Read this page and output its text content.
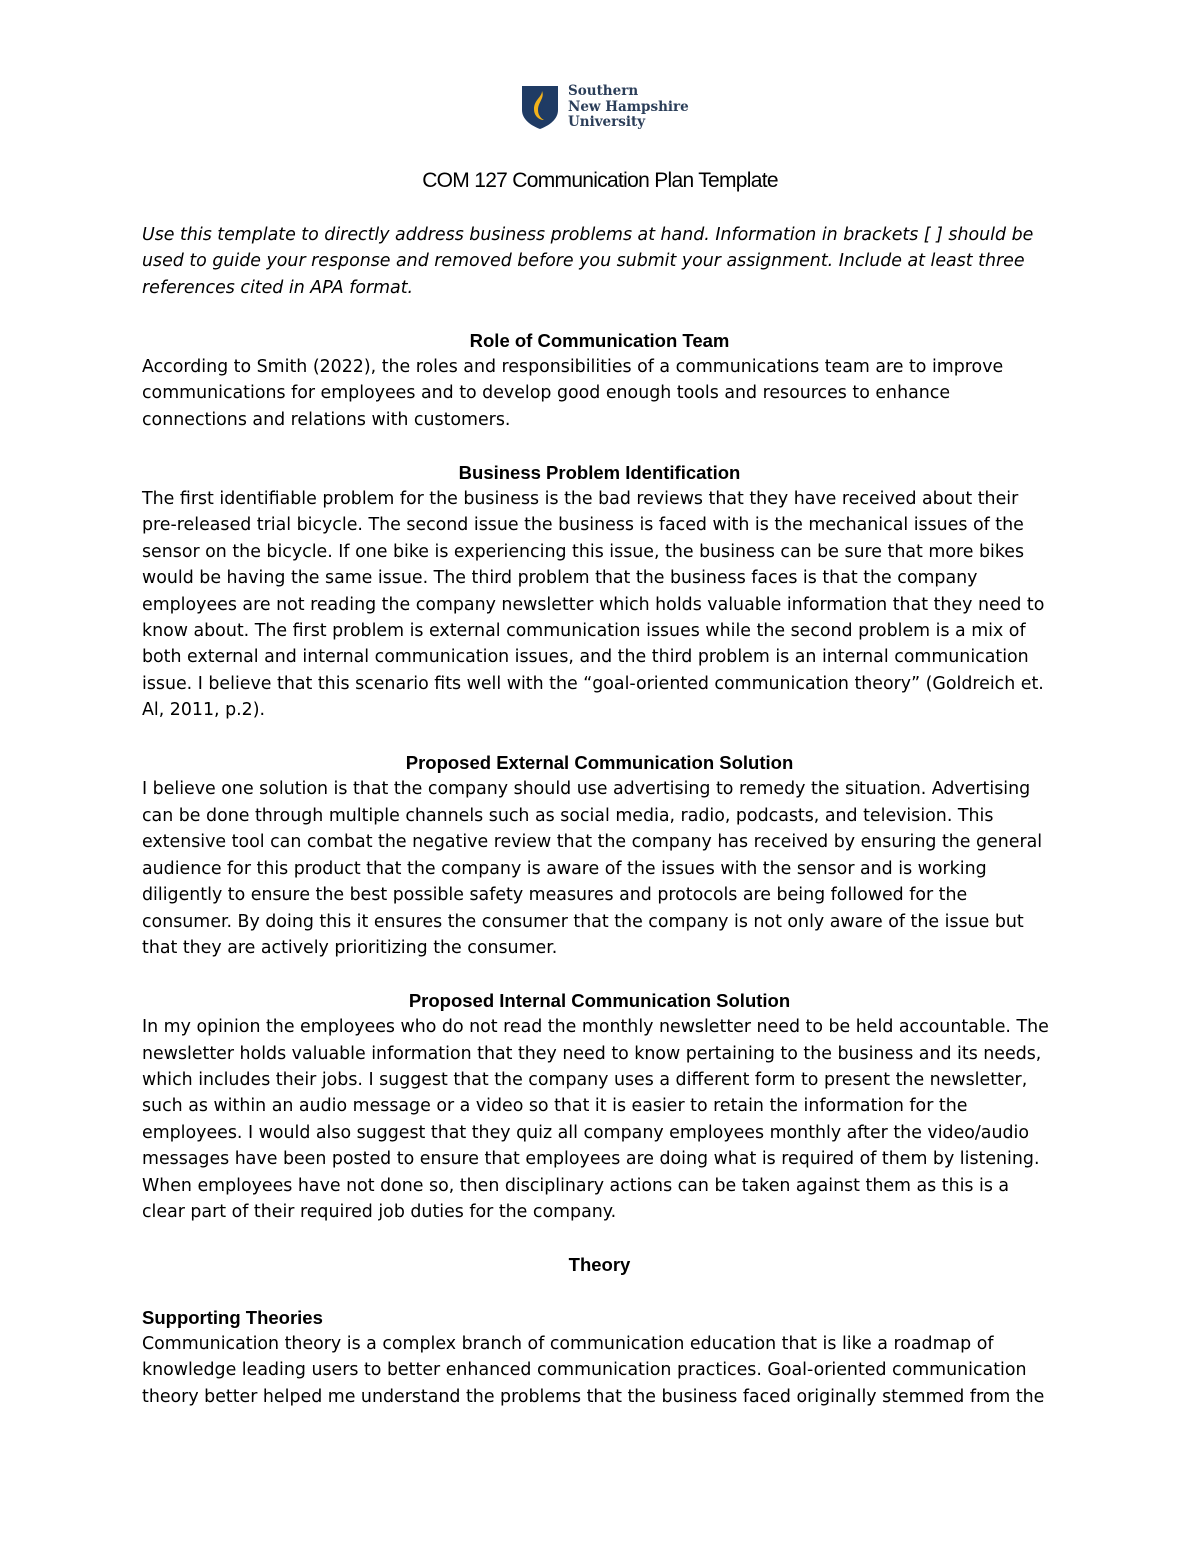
Southern
New Hampshire
University
COM 127 Communication Plan Template

Use this template to directly address business problems at hand. Information in brackets [ ] should be used to guide your response and removed before you submit your assignment. Include at least three references cited in APA format.

Role of Communication Team

According to Smith (2022), the roles and responsibilities of a communications team are to improve communications for employees and to develop good enough tools and resources to enhance connections and relations with customers.

Business Problem Identification

The first identifiable problem for the business is the bad reviews that they have received about their pre-released trial bicycle. The second issue the business is faced with is the mechanical issues of the sensor on the bicycle. If one bike is experiencing this issue, the business can be sure that more bikes would be having the same issue. The third problem that the business faces is that the company employees are not reading the company newsletter which holds valuable information that they need to know about. The first problem is external communication issues while the second problem is a mix of both external and internal communication issues, and the third problem is an internal communication issue. I believe that this scenario fits well with the “goal-oriented communication theory” (Goldreich et. Al, 2011, p.2).

Proposed External Communication Solution

I believe one solution is that the company should use advertising to remedy the situation. Advertising can be done through multiple channels such as social media, radio, podcasts, and television. This extensive tool can combat the negative review that the company has received by ensuring the general audience for this product that the company is aware of the issues with the sensor and is working diligently to ensure the best possible safety measures and protocols are being followed for the consumer. By doing this it ensures the consumer that the company is not only aware of the issue but that they are actively prioritizing the consumer.

Proposed Internal Communication Solution

In my opinion the employees who do not read the monthly newsletter need to be held accountable. The newsletter holds valuable information that they need to know pertaining to the business and its needs, which includes their jobs. I suggest that the company uses a different form to present the newsletter, such as within an audio message or a video so that it is easier to retain the information for the employees. I would also suggest that they quiz all company employees monthly after the video/audio messages have been posted to ensure that employees are doing what is required of them by listening. When employees have not done so, then disciplinary actions can be taken against them as this is a clear part of their required job duties for the company.

Theory
Supporting Theories

Communication theory is a complex branch of communication education that is like a roadmap of knowledge leading users to better enhanced communication practices. Goal-oriented communication theory better helped me understand the problems that the business faced originally stemmed from the
